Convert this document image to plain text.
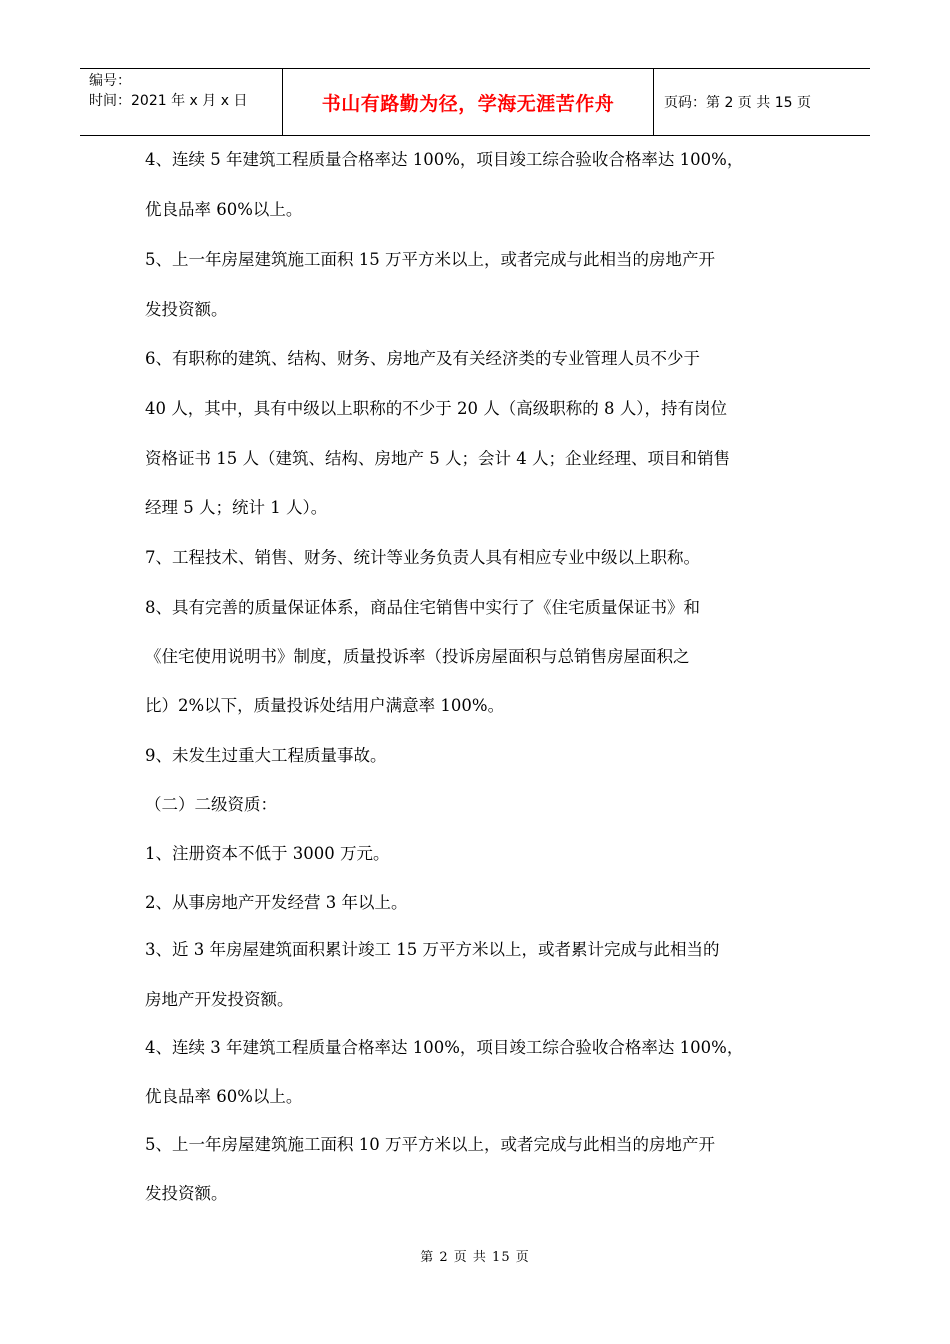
编号：
时间：2021 年 x 月 x 日	书山有路勤为径，学海无涯苦作舟	页码：第 2 页 共 15 页

4、连续 5 年建筑工程质量合格率达 100%，项目竣工综合验收合格率达 100%，

优良品率 60%以上。

5、上一年房屋建筑施工面积 15 万平方米以上，或者完成与此相当的房地产开

发投资额。

6、有职称的建筑、结构、财务、房地产及有关经济类的专业管理人员不少于

40 人，其中，具有中级以上职称的不少于 20 人（高级职称的 8 人），持有岗位

资格证书 15 人（建筑、结构、房地产 5 人；会计 4 人；企业经理、项目和销售

经理 5 人；统计 1 人）。

7、工程技术、销售、财务、统计等业务负责人具有相应专业中级以上职称。

8、具有完善的质量保证体系，商品住宅销售中实行了《住宅质量保证书》和

《住宅使用说明书》制度，质量投诉率（投诉房屋面积与总销售房屋面积之

比）2%以下，质量投诉处结用户满意率 100%。

9、未发生过重大工程质量事故。

（二）二级资质：

1、注册资本不低于 3000 万元。

2、从事房地产开发经营 3 年以上。

3、近 3 年房屋建筑面积累计竣工 15 万平方米以上，或者累计完成与此相当的

房地产开发投资额。

4、连续 3 年建筑工程质量合格率达 100%，项目竣工综合验收合格率达 100%，

优良品率 60%以上。

5、上一年房屋建筑施工面积 10 万平方米以上，或者完成与此相当的房地产开

发投资额。

第 2 页 共 15 页
